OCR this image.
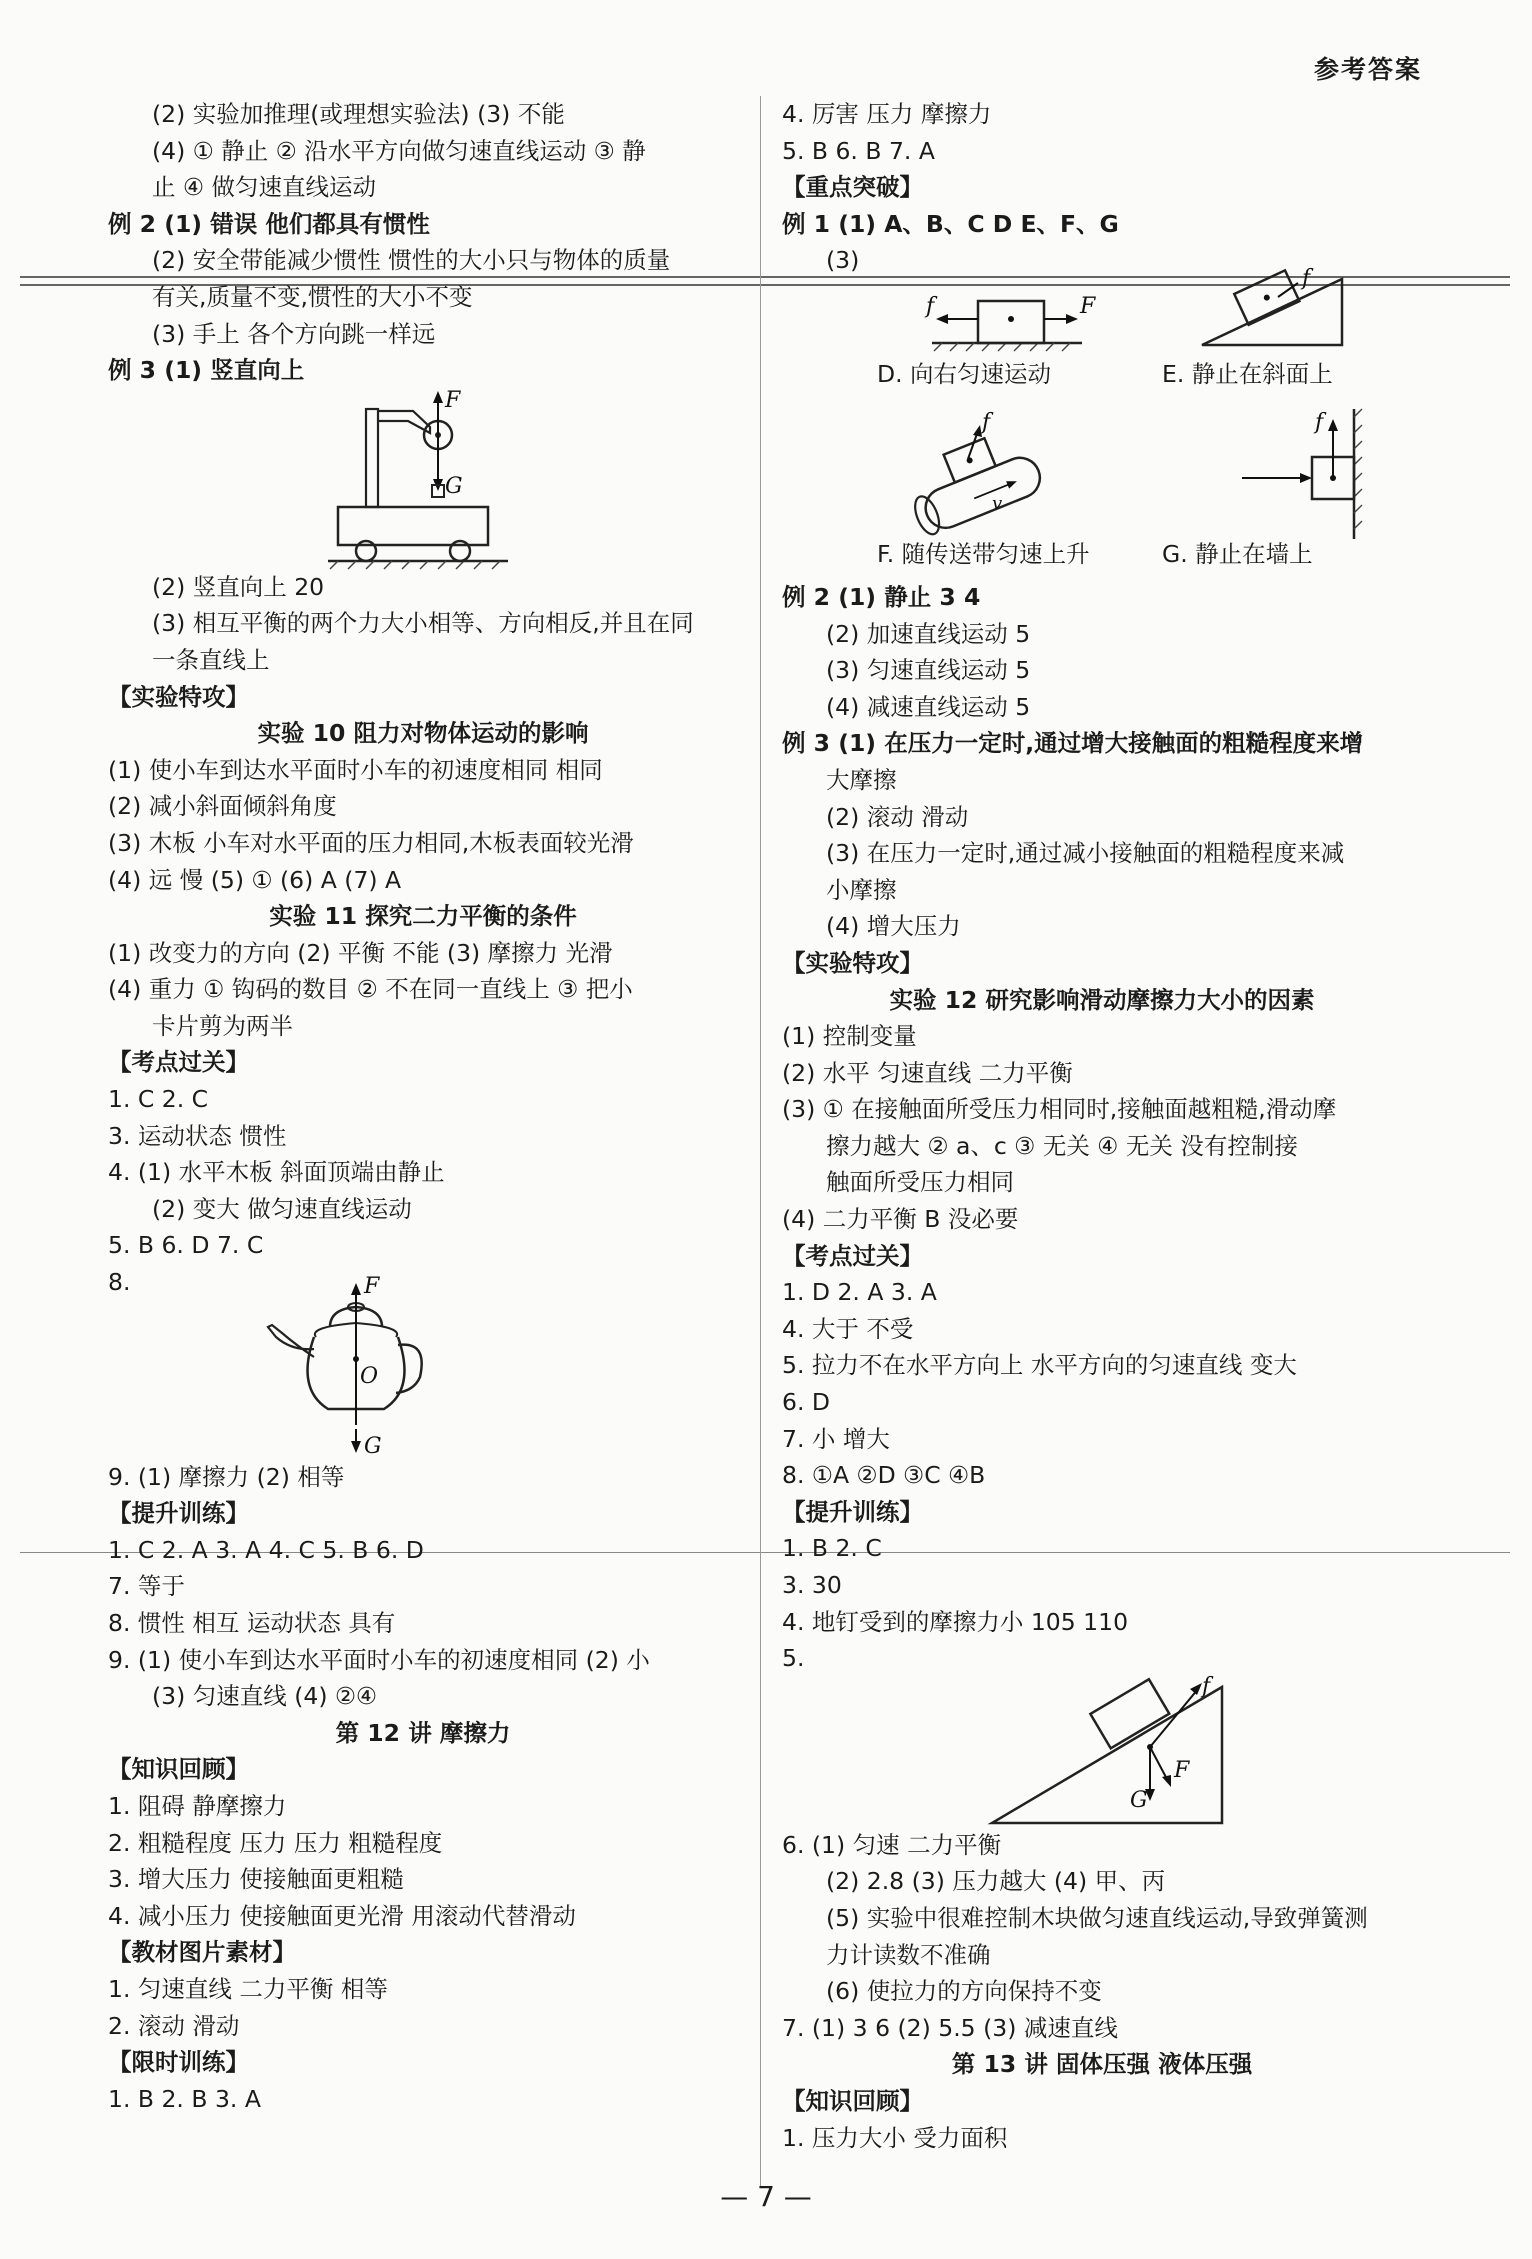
参考答案
(2) 实验加推理(或理想实验法) (3) 不能
(4) ① 静止 ② 沿水平方向做匀速直线运动 ③ 静
止 ④ 做匀速直线运动
例 2 (1) 错误 他们都具有惯性
(2) 安全带能减少惯性 惯性的大小只与物体的质量
有关,质量不变,惯性的大小不变
(3) 手上 各个方向跳一样远
例 3 (1) 竖直向上
F
G
(2) 竖直向上 20
(3) 相互平衡的两个力大小相等、方向相反,并且在同
一条直线上
【实验特攻】
实验 10 阻力对物体运动的影响
(1) 使小车到达水平面时小车的初速度相同 相同
(2) 减小斜面倾斜角度
(3) 木板 小车对水平面的压力相同,木板表面较光滑
(4) 远 慢 (5) ① (6) A (7) A
实验 11 探究二力平衡的条件
(1) 改变力的方向 (2) 平衡 不能 (3) 摩擦力 光滑
(4) 重力 ① 钩码的数目 ② 不在同一直线上 ③ 把小
卡片剪为两半
【考点过关】
1. C 2. C
3. 运动状态 惯性
4. (1) 水平木板 斜面顶端由静止
(2) 变大 做匀速直线运动
5. B 6. D 7. C
8.	F
O
G
9. (1) 摩擦力 (2) 相等
【提升训练】
1. C 2. A 3. A 4. C 5. B 6. D
7. 等于
8. 惯性 相互 运动状态 具有
9. (1) 使小车到达水平面时小车的初速度相同 (2) 小
(3) 匀速直线 (4) ②④
第 12 讲 摩擦力
【知识回顾】
1. 阻碍 静摩擦力
2. 粗糙程度 压力 压力 粗糙程度
3. 增大压力 使接触面更粗糙
4. 减小压力 使接触面更光滑 用滚动代替滑动
【教材图片素材】
1. 匀速直线 二力平衡 相等
2. 滚动 滑动
【限时训练】
1. B 2. B 3. A
4. 厉害 压力 摩擦力
5. B 6. B 7. A
【重点突破】
例 1 (1) A、B、C D E、F、G
(3)
f	F
f
f
v
f
D. 向右匀速运动	E. 静止在斜面上
F. 随传送带匀速上升	G. 静止在墙上
例 2 (1) 静止 3 4
(2) 加速直线运动 5
(3) 匀速直线运动 5
(4) 减速直线运动 5
例 3 (1) 在压力一定时,通过增大接触面的粗糙程度来增
大摩擦
(2) 滚动 滑动
(3) 在压力一定时,通过减小接触面的粗糙程度来减
小摩擦
(4) 增大压力
【实验特攻】
实验 12 研究影响滑动摩擦力大小的因素
(1) 控制变量
(2) 水平 匀速直线 二力平衡
(3) ① 在接触面所受压力相同时,接触面越粗糙,滑动摩
擦力越大 ② a、c ③ 无关 ④ 无关 没有控制接
触面所受压力相同
(4) 二力平衡 B 没必要
【考点过关】
1. D 2. A 3. A
4. 大于 不受
5. 拉力不在水平方向上 水平方向的匀速直线 变大
6. D
7. 小 增大
8. ①A ②D ③C ④B
【提升训练】
1. B 2. C
3. 30
4. 地钉受到的摩擦力小 105 110
5.
f
G
F
6. (1) 匀速 二力平衡
(2) 2.8 (3) 压力越大 (4) 甲、丙
(5) 实验中很难控制木块做匀速直线运动,导致弹簧测
力计读数不准确
(6) 使拉力的方向保持不变
7. (1) 3 6 (2) 5.5 (3) 减速直线
第 13 讲 固体压强 液体压强
【知识回顾】
1. 压力大小 受力面积
— 7 —
